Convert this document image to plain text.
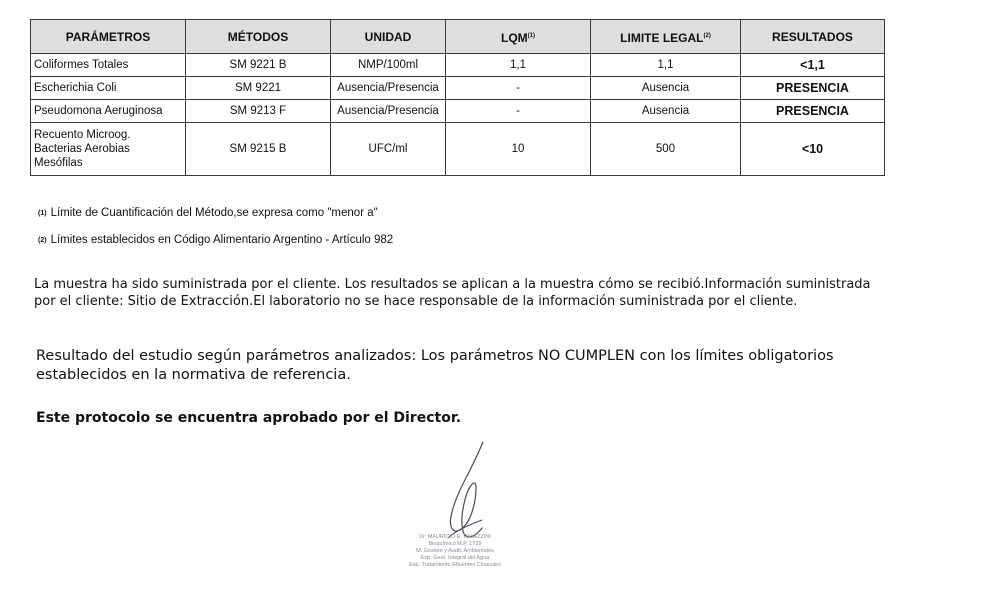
PARÁMETROS	MÉTODOS	UNIDAD	LQM$^{(1)}$	LIMITE LEGAL$^{(2)}$	RESULTADOS
Coliformes Totales	SM 9221 B	NMP/100ml	1,1	1,1	<1,1
Escherichia Coli	SM 9221	Ausencia/Presencia	-	Ausencia	PRESENCIA
Pseudomona Aeruginosa	SM 9213 F	Ausencia/Presencia	-	Ausencia	PRESENCIA

Recuento Microog.
Bacterias Aerobias
Mesófilas	SM 9215 B	UFC/ml	10	500	<10
(1) Límite de Cuantificación del Método,se expresa como "menor a"
(2) Límites establecidos en Código Alimentario Argentino - Artículo 982
La muestra ha sido suministrada por el cliente. Los resultados se aplican a la muestra cómo se recibió.Información suministrada por el cliente: Sitio de Extracción.El laboratorio no se hace responsable de la información suministrada por el cliente.
Resultado del estudio según parámetros analizados: Los parámetros NO CUMPLEN con los límites obligatorios establecidos en la normativa de referencia.
Este protocolo se encuentra aprobado por el Director.
Dr. MAURICIO E. PALAZZINI
Bioquímico M.P. 1729
M. Gestión y Audit. Ambientales
Esp. Gest. Integral del Agua
Esp. Tratamiento Efluentes Cloacales
